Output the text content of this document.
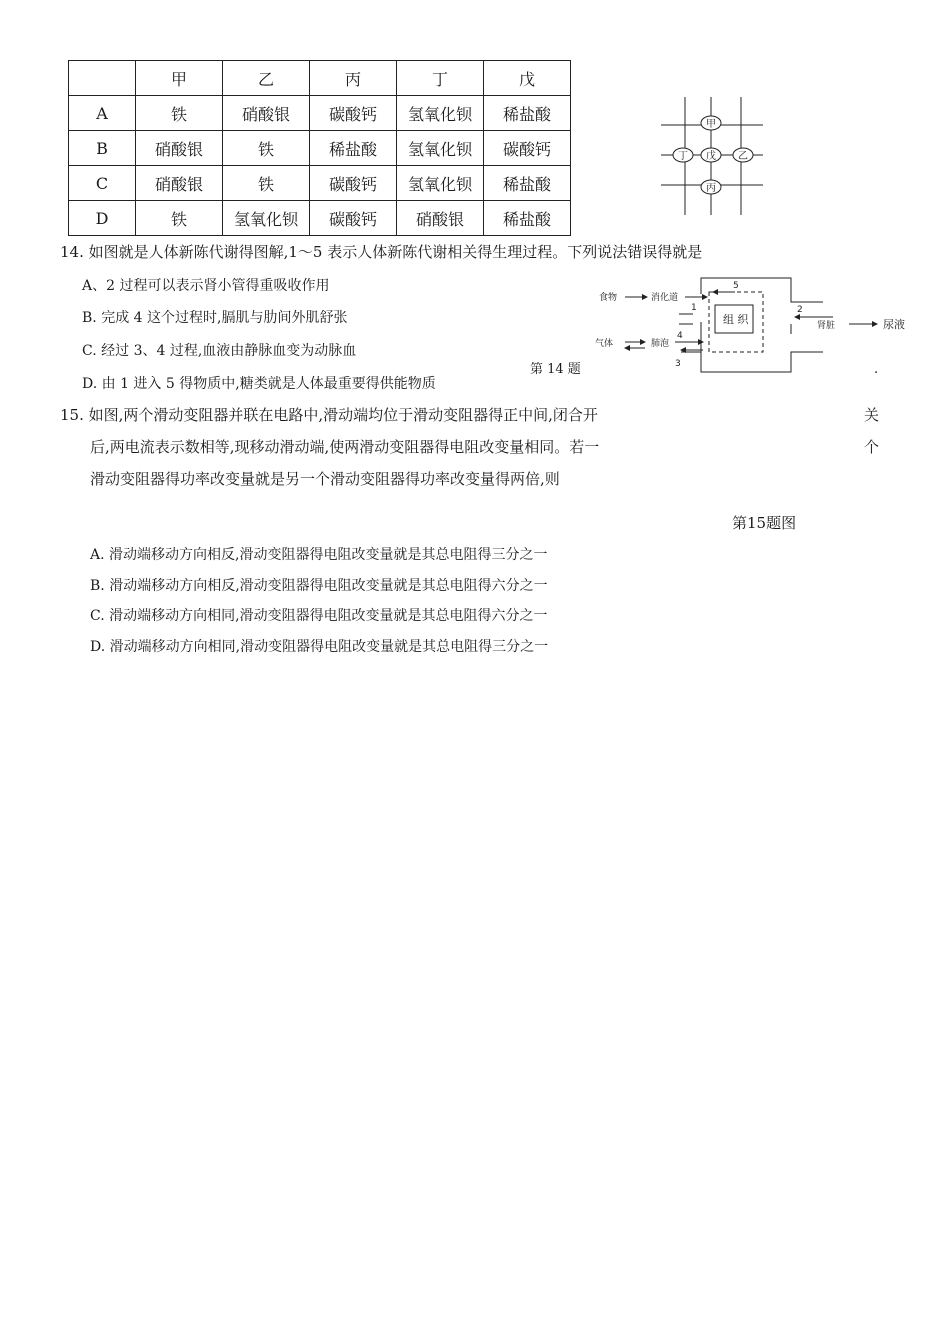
	甲	乙	丙	丁	戊
A	铁	硝酸银	碳酸钙	氢氧化钡	稀盐酸
B	硝酸银	铁	稀盐酸	氢氧化钡	碳酸钙
C	硝酸银	铁	碳酸钙	氢氧化钡	稀盐酸
D	铁	氢氧化钡	碳酸钙	硝酸银	稀盐酸
甲
丁 戊 乙
丙
14. 如图就是人体新陈代谢得图解,1～5 表示人体新陈代谢相关得生理过程。下列说法错误得就是
A、2 过程可以表示肾小管得重吸收作用
B. 完成 4 这个过程时,膈肌与肋间外肌舒张
C. 经过 3、4 过程,血液由静脉血变为动脉血
D. 由 1 进入 5 得物质中,糖类就是人体最重要得供能物质
第 14 题	.
食物	消化道
气体	肺泡
组 织	肾脏	尿液
1	2
3
4
5
15. 如图,两个滑动变阻器并联在电路中,滑动端均位于滑动变阻器得正中间,闭合开	关
后,两电流表示数相等,现移动滑动端,使两滑动变阻器得电阻改变量相同。若一	个
滑动变阻器得功率改变量就是另一个滑动变阻器得功率改变量得两倍,则
第15题图
A. 滑动端移动方向相反,滑动变阻器得电阻改变量就是其总电阻得三分之一
B. 滑动端移动方向相反,滑动变阻器得电阻改变量就是其总电阻得六分之一
C. 滑动端移动方向相同,滑动变阻器得电阻改变量就是其总电阻得六分之一
D. 滑动端移动方向相同,滑动变阻器得电阻改变量就是其总电阻得三分之一
